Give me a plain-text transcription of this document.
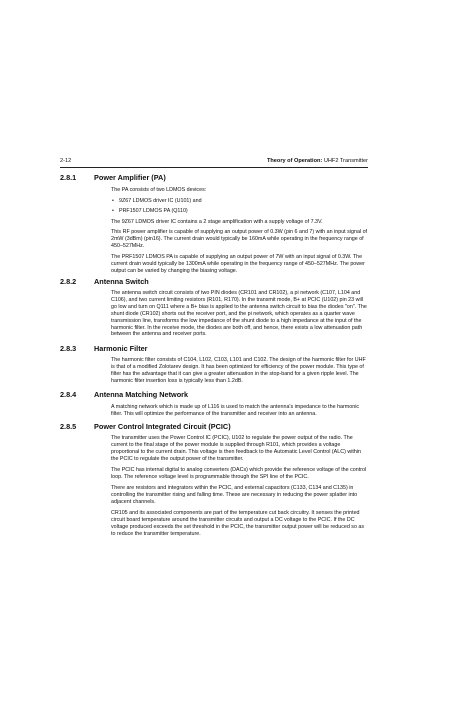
2-12	Theory of Operation: UHF2 Transmitter
2.8.1 Power Amplifier (PA)
The PA consists of two LDMOS devices:
• 9Z67 LDMOS driver IC (U101) and
• PRF1507 LDMOS PA (Q110)
The 9Z67 LDMOS driver IC contains a 2 stage amplification with a supply voltage of 7.3V.
This RF power amplifier is capable of supplying an output power of 0.3W (pin 6 and 7) with an input signal of 2mW (3dBm) (pin16). The current drain would typically be 160mA while operating in the frequency range of 450–527MHz.
The PRF1507 LDMOS PA is capable of supplying an output power of 7W with an input signal of 0.3W. The current drain would typically be 1300mA while operating in the frequency range of 450–527MHz. The power output can be varied by changing the biasing voltage.
2.8.2 Antenna Switch
The antenna switch circuit consists of two PIN diodes (CR101 and CR102), a pi network (C107, L104 and C106), and two current limiting resistors (R101, R170). In the transmit mode, B+ at PCIC (U102) pin 23 will go low and turn on Q111 where a B+ bias is applied to the antenna switch circuit to bias the diodes "on". The shunt diode (CR102) shorts out the receiver port, and the pi network, which operates as a quarter wave transmission line, transforms the low impedance of the shunt diode to a high impedance at the input of the harmonic filter. In the receive mode, the diodes are both off, and hence, there exists a low attenuation path between the antenna and receiver ports.
2.8.3 Harmonic Filter
The harmonic filter consists of C104, L102, C103, L101 and C102. The design of the harmonic filter for UHF is that of a modified Zolotarev design. It has been optimized for efficiency of the power module. This type of filter has the advantage that it can give a greater attenuation in the stop-band for a given ripple level. The harmonic filter insertion loss is typically less than 1.2dB.
2.8.4 Antenna Matching Network
A matching network which is made up of L116 is used to match the antenna's impedance to the harmonic filter. This will optimize the performance of the transmitter and receiver into an antenna.
2.8.5 Power Control Integrated Circuit (PCIC)
The transmitter uses the Power Control IC (PCIC), U102 to regulate the power output of the radio. The current to the final stage of the power module is supplied through R101, which provides a voltage proportional to the current drain. This voltage is then feedback to the Automatic Level Control (ALC) within the PCIC to regulate the output power of the transmitter.
The PCIC has internal digital to analog converters (DACs) which provide the reference voltage of the control loop. The reference voltage level is programmable through the SPI line of the PCIC.
There are resistors and integrators within the PCIC, and external capacitors (C133, C134 and C135) in controlling the transmitter rising and falling time. These are necessary in reducing the power splatter into adjacent channels.
CR105 and its associated components are part of the temperature cut back circuitry. It senses the printed circuit board temperature around the transmitter circuits and output a DC voltage to the PCIC. If the DC voltage produced exceeds the set threshold in the PCIC, the transmitter output power will be reduced so as to reduce the transmitter temperature.
